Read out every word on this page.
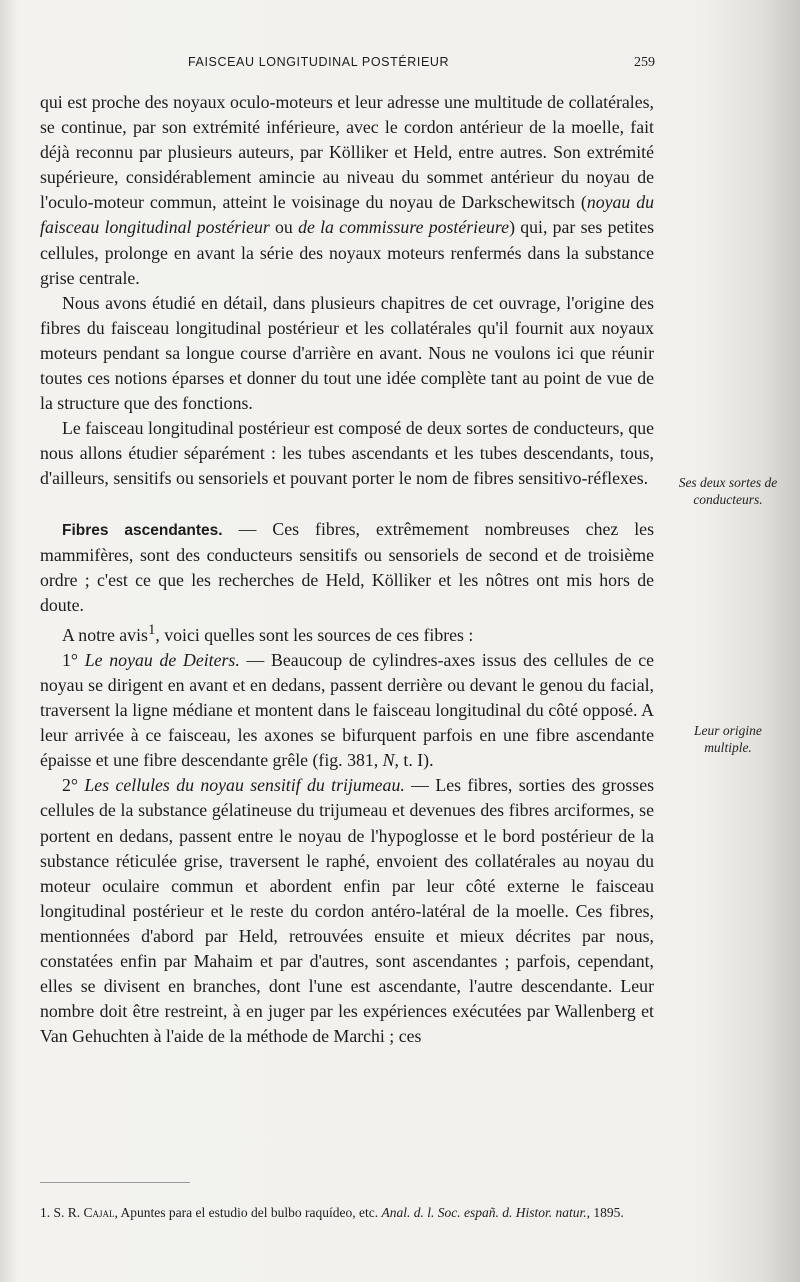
FAISCEAU LONGITUDINAL POSTÉRIEUR	259

qui est proche des noyaux oculo-moteurs et leur adresse une multitude de collatérales, se continue, par son extrémité inférieure, avec le cordon antérieur de la moelle, fait déjà reconnu par plusieurs auteurs, par Kölliker et Held, entre autres. Son extrémité supérieure, considérablement amincie au niveau du sommet antérieur du noyau de l'oculo-moteur commun, atteint le voisinage du noyau de Darkschewitsch (noyau du faisceau longitudinal postérieur ou de la commissure postérieure) qui, par ses petites cellules, prolonge en avant la série des noyaux moteurs renfermés dans la substance grise centrale.

Nous avons étudié en détail, dans plusieurs chapitres de cet ouvrage, l'origine des fibres du faisceau longitudinal postérieur et les collatérales qu'il fournit aux noyaux moteurs pendant sa longue course d'arrière en avant. Nous ne voulons ici que réunir toutes ces notions éparses et donner du tout une idée complète tant au point de vue de la structure que des fonctions.

Le faisceau longitudinal postérieur est composé de deux sortes de conducteurs, que nous allons étudier séparément : les tubes ascendants et les tubes descendants, tous, d'ailleurs, sensitifs ou sensoriels et pouvant porter le nom de fibres sensitivo-réflexes.

Fibres ascendantes. — Ces fibres, extrêmement nombreuses chez les mammifères, sont des conducteurs sensitifs ou sensoriels de second et de troisième ordre ; c'est ce que les recherches de Held, Kölliker et les nôtres ont mis hors de doute.

A notre avis$^1$, voici quelles sont les sources de ces fibres :

1° Le noyau de Deiters. — Beaucoup de cylindres-axes issus des cellules de ce noyau se dirigent en avant et en dedans, passent derrière ou devant le genou du facial, traversent la ligne médiane et montent dans le faisceau longitudinal du côté opposé. A leur arrivée à ce faisceau, les axones se bifurquent parfois en une fibre ascendante épaisse et une fibre descendante grêle (fig. 381, N, t. I).

2° Les cellules du noyau sensitif du trijumeau. — Les fibres, sorties des grosses cellules de la substance gélatineuse du trijumeau et devenues des fibres arciformes, se portent en dedans, passent entre le noyau de l'hypoglosse et le bord postérieur de la substance réticulée grise, traversent le raphé, envoient des collatérales au noyau du moteur oculaire commun et abordent enfin par leur côté externe le faisceau longitudinal postérieur et le reste du cordon antéro-latéral de la moelle. Ces fibres, mentionnées d'abord par Held, retrouvées ensuite et mieux décrites par nous, constatées enfin par Mahaim et par d'autres, sont ascendantes ; parfois, cependant, elles se divisent en branches, dont l'une est ascendante, l'autre descendante. Leur nombre doit être restreint, à en juger par les expériences exécutées par Wallenberg et Van Gehuchten à l'aide de la méthode de Marchi ; ces

Ses deux sortes de conducteurs.
Leur origine multiple.
1. S. R. Cajal, Apuntes para el estudio del bulbo raquídeo, etc. Anal. d. l. Soc. españ. d. Histor. natur., 1895.
